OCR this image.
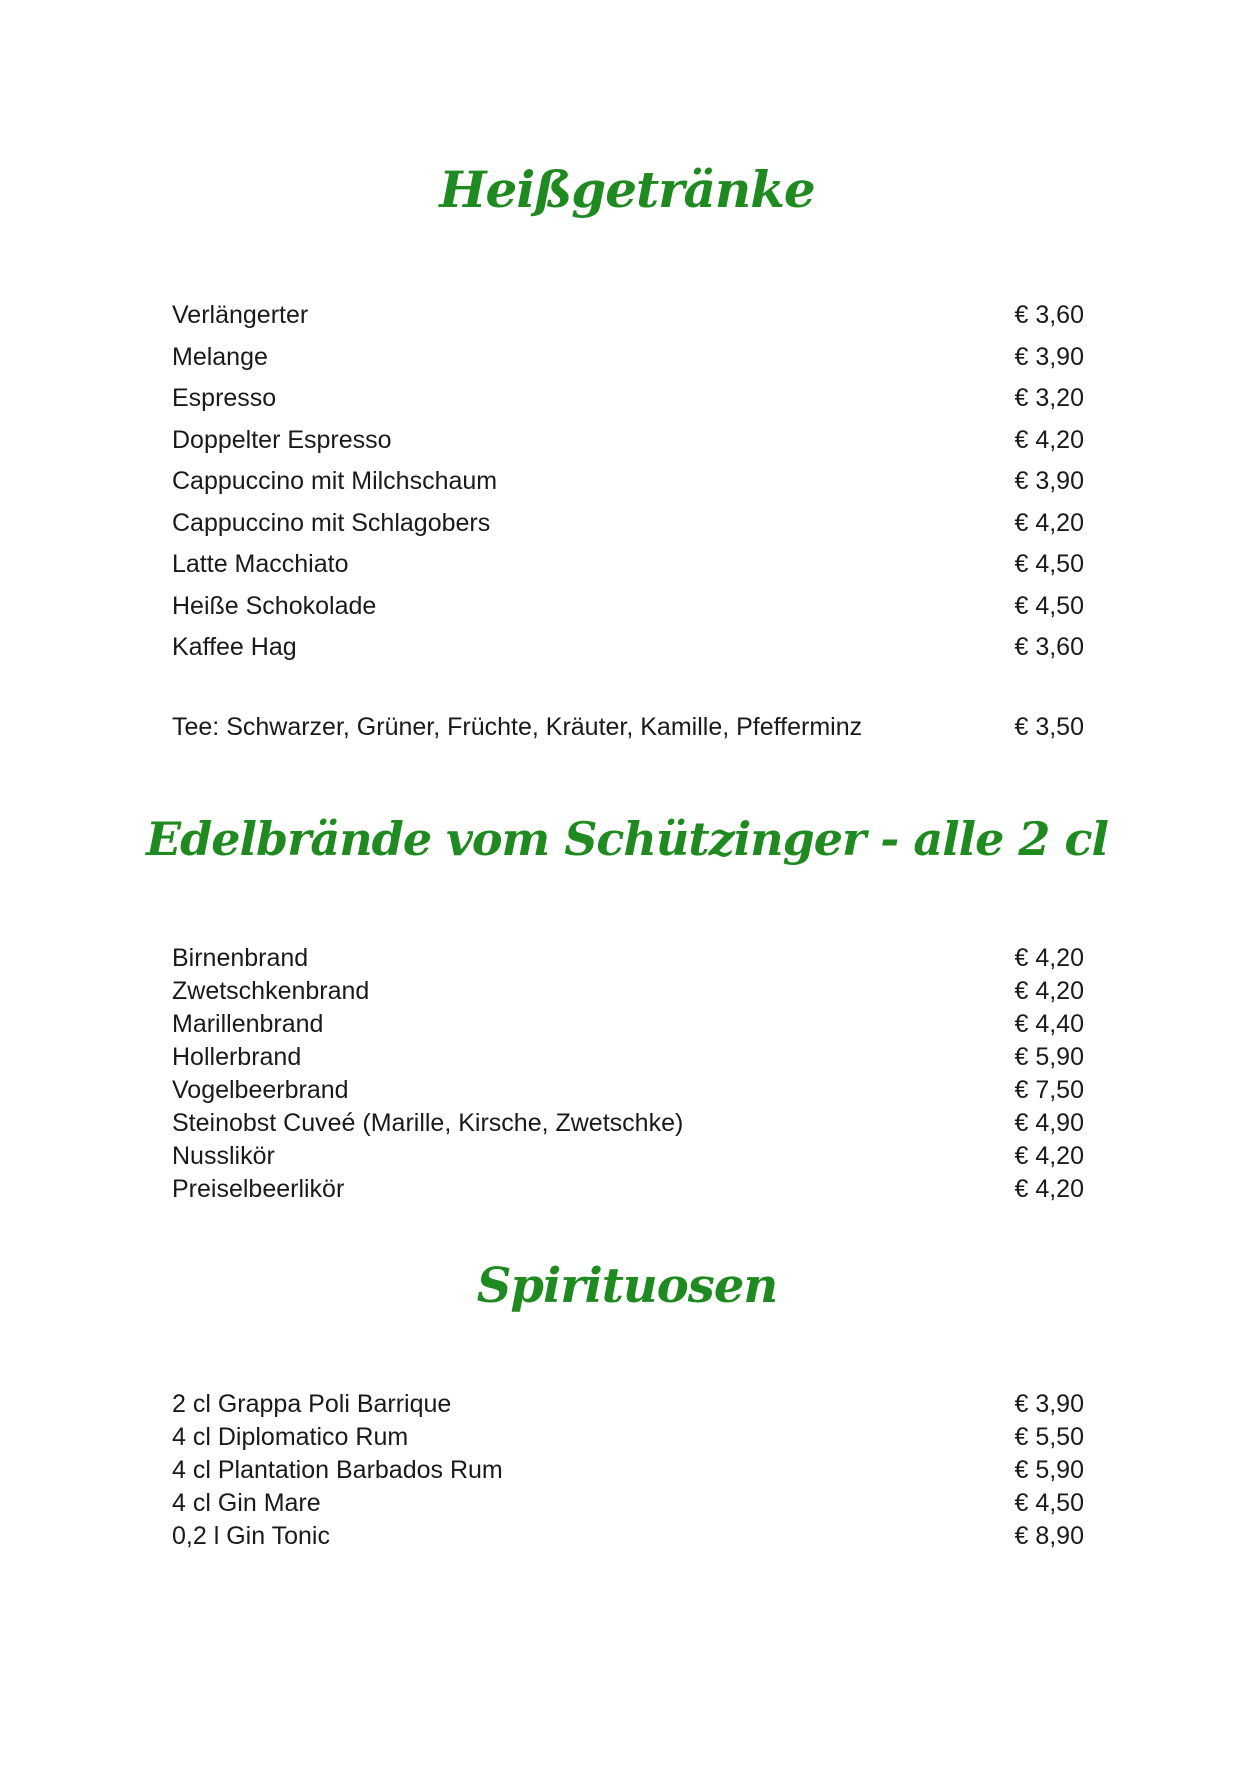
Heißgetränke
Verlängerter	€ 3,60
Melange	€ 3,90
Espresso	€ 3,20
Doppelter Espresso	€ 4,20
Cappuccino mit Milchschaum	€ 3,90
Cappuccino mit Schlagobers	€ 4,20
Latte Macchiato	€ 4,50
Heiße Schokolade	€ 4,50
Kaffee Hag	€ 3,60
Tee: Schwarzer, Grüner, Früchte, Kräuter, Kamille, Pfefferminz	€ 3,50
Edelbrände vom Schützinger - alle 2 cl
Birnenbrand	€ 4,20
Zwetschkenbrand	€ 4,20
Marillenbrand	€ 4,40
Hollerbrand	€ 5,90
Vogelbeerbrand	€ 7,50
Steinobst Cuveé (Marille, Kirsche, Zwetschke)	€ 4,90
Nusslikör	€ 4,20
Preiselbeerlikör	€ 4,20
Spirituosen
2 cl Grappa Poli Barrique	€ 3,90
4 cl Diplomatico Rum	€ 5,50
4 cl Plantation Barbados Rum	€ 5,90
4 cl Gin Mare	€ 4,50
0,2 l Gin Tonic	€ 8,90
